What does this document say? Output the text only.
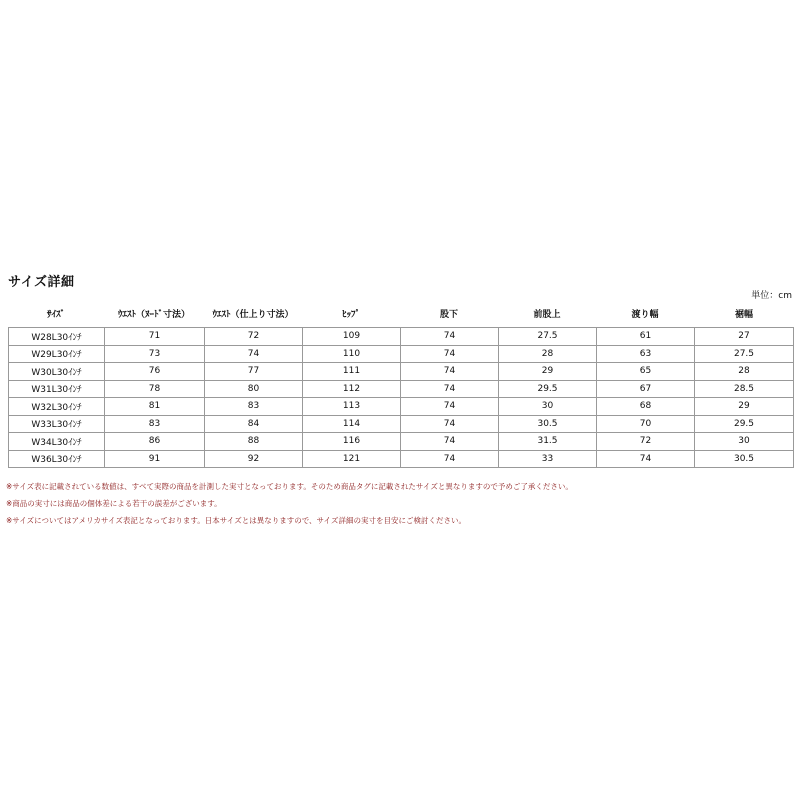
サイズ詳細
単位：cm
ｻｲｽﾞ	ｳｴｽﾄ（ﾇｰﾄﾞ寸法）	ｳｴｽﾄ（仕上り寸法）	ﾋｯﾌﾟ	股下	前股上	渡り幅	裾幅
W28L30ｲﾝﾁ	71	72	109	74	27.5	61	27
W29L30ｲﾝﾁ	73	74	110	74	28	63	27.5
W30L30ｲﾝﾁ	76	77	111	74	29	65	28
W31L30ｲﾝﾁ	78	80	112	74	29.5	67	28.5
W32L30ｲﾝﾁ	81	83	113	74	30	68	29
W33L30ｲﾝﾁ	83	84	114	74	30.5	70	29.5
W34L30ｲﾝﾁ	86	88	116	74	31.5	72	30
W36L30ｲﾝﾁ	91	92	121	74	33	74	30.5
※サイズ表に記載されている数値は、すべて実際の商品を計測した実寸となっております。そのため商品タグに記載されたサイズと異なりますので予めご了承ください。
※商品の実寸には商品の個体差による若干の誤差がございます。
※サイズについてはアメリカサイズ表記となっております。日本サイズとは異なりますので、サイズ詳細の実寸を目安にご検討ください。
